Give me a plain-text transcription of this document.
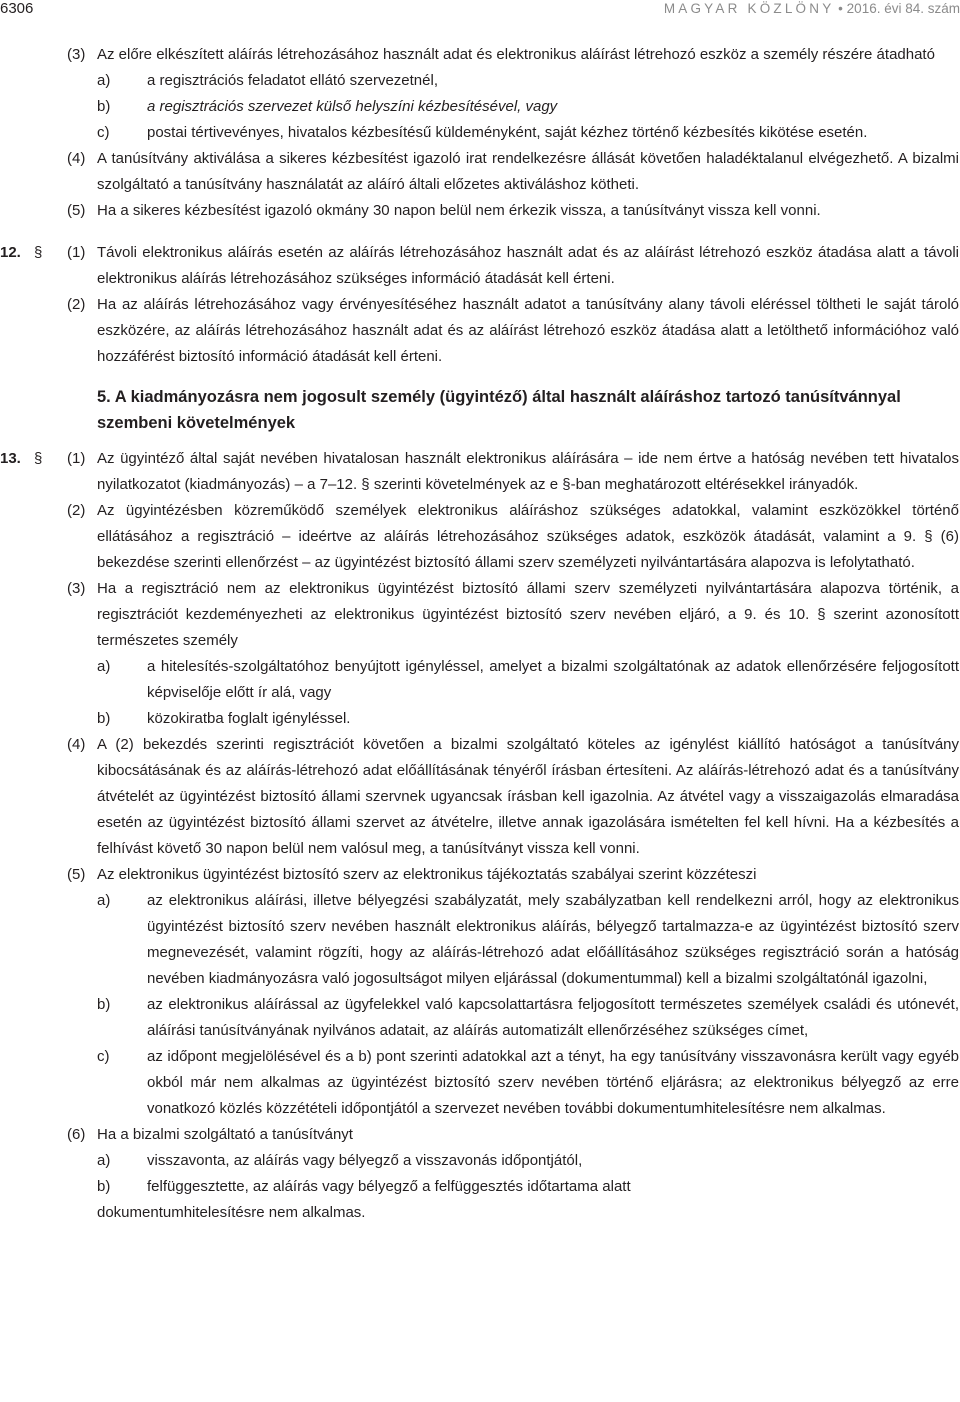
6306	MAGYAR KÖZLÖNY • 2016. évi 84. szám
(3) Az előre elkészített aláírás létrehozásához használt adat és elektronikus aláírást létrehozó eszköz a személy részére átadható
a) a regisztrációs feladatot ellátó szervezetnél,
b) a regisztrációs szervezet külső helyszíni kézbesítésével, vagy
c)	postai tértivevényes, hivatalos kézbesítésű küldeményként, saját kézhez történő kézbesítés kikötése esetén.
(4) A tanúsítvány aktiválása a sikeres kézbesítést igazoló irat rendelkezésre állását követően haladéktalanul elvégezhető. A bizalmi szolgáltató a tanúsítvány használatát az aláíró általi előzetes aktiváláshoz kötheti.
(5) Ha a sikeres kézbesítést igazoló okmány 30 napon belül nem érkezik vissza, a tanúsítványt vissza kell vonni.
12. § (1) Távoli elektronikus aláírás esetén az aláírás létrehozásához használt adat és az aláírást létrehozó eszköz átadása alatt a távoli elektronikus aláírás létrehozásához szükséges információ átadását kell érteni.
(2) Ha az aláírás létrehozásához vagy érvényesítéséhez használt adatot a tanúsítvány alany távoli eléréssel töltheti le saját tároló eszközére, az aláírás létrehozásához használt adat és az aláírást létrehozó eszköz átadása alatt a letölthető információhoz való hozzáférést biztosító információ átadását kell érteni.
5. A kiadmányozásra nem jogosult személy (ügyintéző) által használt aláíráshoz tartozó tanúsítvánnyal szembeni követelmények
13. § (1) Az ügyintéző által saját nevében hivatalosan használt elektronikus aláírására – ide nem értve a hatóság nevében tett hivatalos nyilatkozatot (kiadmányozás) – a 7–12. § szerinti követelmények az e §-ban meghatározott eltérésekkel irányadók.
(2) Az ügyintézésben közreműködő személyek elektronikus aláíráshoz szükséges adatokkal, valamint eszközökkel történő ellátásához a regisztráció – ideértve az aláírás létrehozásához szükséges adatok, eszközök átadását, valamint a 9. § (6) bekezdése szerinti ellenőrzést – az ügyintézést biztosító állami szerv személyzeti nyilvántartására alapozva is lefolytatható.
(3) Ha a regisztráció nem az elektronikus ügyintézést biztosító állami szerv személyzeti nyilvántartására alapozva történik, a regisztrációt kezdeményezheti az elektronikus ügyintézést biztosító szerv nevében eljáró, a 9. és 10. § szerint azonosított természetes személy
a) a hitelesítés-szolgáltatóhoz benyújtott igényléssel, amelyet a bizalmi szolgáltatónak az adatok ellenőrzésére feljogosított képviselője előtt ír alá, vagy
b) közokiratba foglalt igényléssel.
(4) A (2) bekezdés szerinti regisztrációt követően a bizalmi szolgáltató köteles az igénylést kiállító hatóságot a tanúsítvány kibocsátásának és az aláírás-létrehozó adat előállításának tényéről írásban értesíteni. Az aláírás-létrehozó adat és a tanúsítvány átvételét az ügyintézést biztosító állami szervnek ugyancsak írásban kell igazolnia. Az átvétel vagy a visszaigazolás elmaradása esetén az ügyintézést biztosító állami szervet az átvételre, illetve annak igazolására ismételten fel kell hívni. Ha a kézbesítés a felhívást követő 30 napon belül nem valósul meg, a tanúsítványt vissza kell vonni.
(5) Az elektronikus ügyintézést biztosító szerv az elektronikus tájékoztatás szabályai szerint közzéteszi
a) az elektronikus aláírási, illetve bélyegzési szabályzatát, mely szabályzatban kell rendelkezni arról, hogy az elektronikus ügyintézést biztosító szerv nevében használt elektronikus aláírás, bélyegző tartalmazza-e az ügyintézést biztosító szerv megnevezését, valamint rögzíti, hogy az aláírás-létrehozó adat előállításához szükséges regisztráció során a hatóság nevében kiadmányozásra való jogosultságot milyen eljárással (dokumentummal) kell a bizalmi szolgáltatónál igazolni,
b) az elektronikus aláírással az ügyfelekkel való kapcsolattartásra feljogosított természetes személyek családi és utónevét, aláírási tanúsítványának nyilvános adatait, az aláírás automatizált ellenőrzéséhez szükséges címet,
c)	az időpont megjelölésével és a b) pont szerinti adatokkal azt a tényt, ha egy tanúsítvány visszavonásra került vagy egyéb okból már nem alkalmas az ügyintézést biztosító szerv nevében történő eljárásra; az elektronikus bélyegző az erre vonatkozó közlés közzétételi időpontjától a szervezet nevében további dokumentumhitelesítésre nem alkalmas.
(6) Ha a bizalmi szolgáltató a tanúsítványt
a) visszavonta, az aláírás vagy bélyegző a visszavonás időpontjától,
b) felfüggesztette, az aláírás vagy bélyegző a felfüggesztés időtartama alatt
dokumentumhitelesítésre nem alkalmas.
